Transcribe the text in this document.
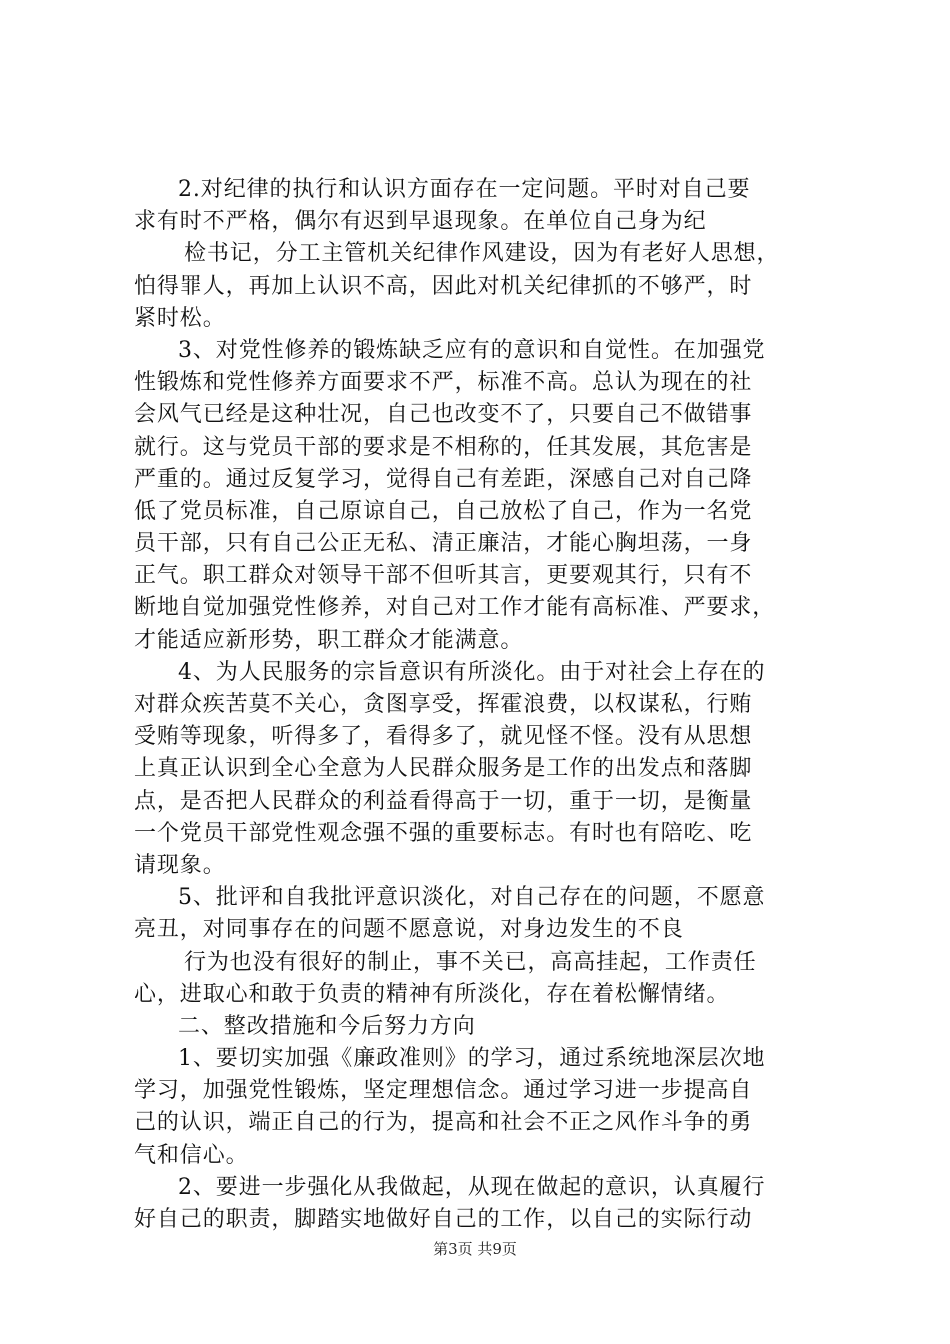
2.对纪律的执行和认识方面存在一定问题。平时对自己要
求有时不严格，偶尔有迟到早退现象。在单位自己身为纪
检书记，分工主管机关纪律作风建设，因为有老好人思想，
怕得罪人，再加上认识不高，因此对机关纪律抓的不够严，时
紧时松。
3、对党性修养的锻炼缺乏应有的意识和自觉性。在加强党
性锻炼和党性修养方面要求不严，标准不高。总认为现在的社
会风气已经是这种壮况，自己也改变不了，只要自己不做错事
就行。这与党员干部的要求是不相称的，任其发展，其危害是
严重的。通过反复学习，觉得自己有差距，深感自己对自己降
低了党员标准，自己原谅自己，自己放松了自己，作为一名党
员干部，只有自己公正无私、清正廉洁，才能心胸坦荡，一身
正气。职工群众对领导干部不但听其言，更要观其行，只有不
断地自觉加强党性修养，对自己对工作才能有高标准、严要求，
才能适应新形势，职工群众才能满意。
4、为人民服务的宗旨意识有所淡化。由于对社会上存在的
对群众疾苦莫不关心，贪图享受，挥霍浪费，以权谋私，行贿
受贿等现象，听得多了，看得多了，就见怪不怪。没有从思想
上真正认识到全心全意为人民群众服务是工作的出发点和落脚
点，是否把人民群众的利益看得高于一切，重于一切，是衡量
一个党员干部党性观念强不强的重要标志。有时也有陪吃、吃
请现象。
5、批评和自我批评意识淡化，对自己存在的问题，不愿意
亮丑，对同事存在的问题不愿意说，对身边发生的不良
行为也没有很好的制止，事不关已，高高挂起，工作责任
心，进取心和敢于负责的精神有所淡化，存在着松懈情绪。
二、整改措施和今后努力方向
1、要切实加强《廉政准则》的学习，通过系统地深层次地
学习，加强党性锻炼，坚定理想信念。通过学习进一步提高自
己的认识，端正自己的行为，提高和社会不正之风作斗争的勇
气和信心。
2、要进一步强化从我做起，从现在做起的意识，认真履行
好自己的职责，脚踏实地做好自己的工作，以自己的实际行动
第3页 共9页
